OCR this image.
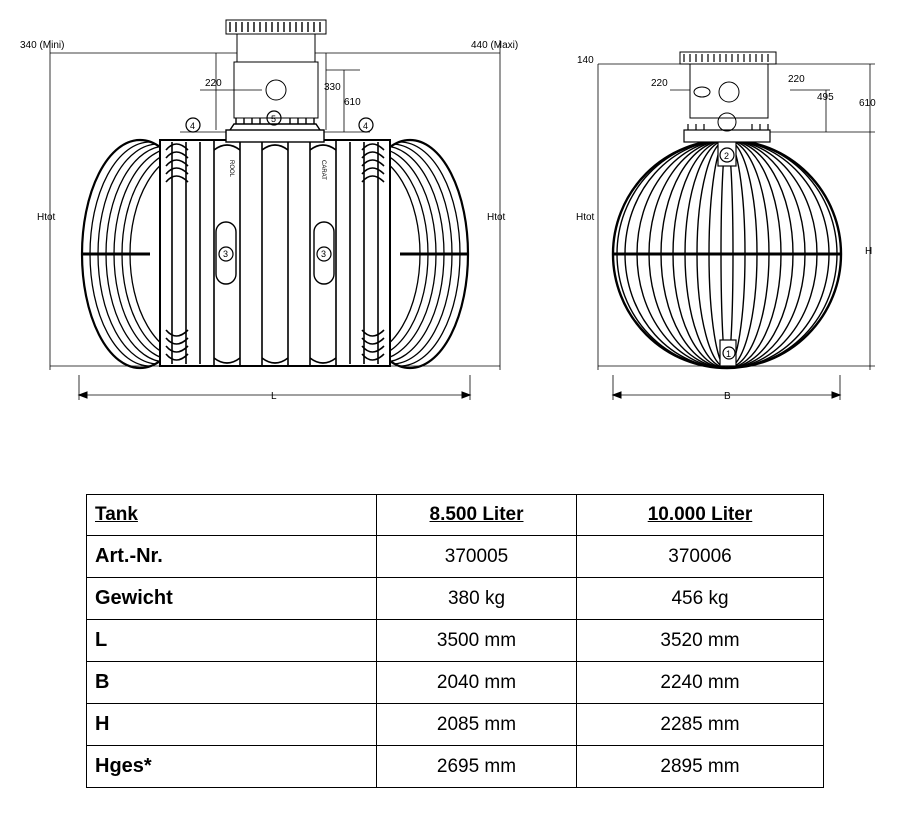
340 (Mini)	440 (Maxi)
220	330
610
Htot	Htot
L
4	4
5
3	3
ROOL	CARAT
140
220	220
495
610
Htot
H
B
2
1
Tank	8.500 Liter	10.000 Liter
Art.-Nr.	370005	370006
Gewicht	380 kg	456 kg
L	3500 mm	3520 mm
B	2040 mm	2240 mm
H	2085 mm	2285 mm
Hges*	2695 mm	2895 mm
